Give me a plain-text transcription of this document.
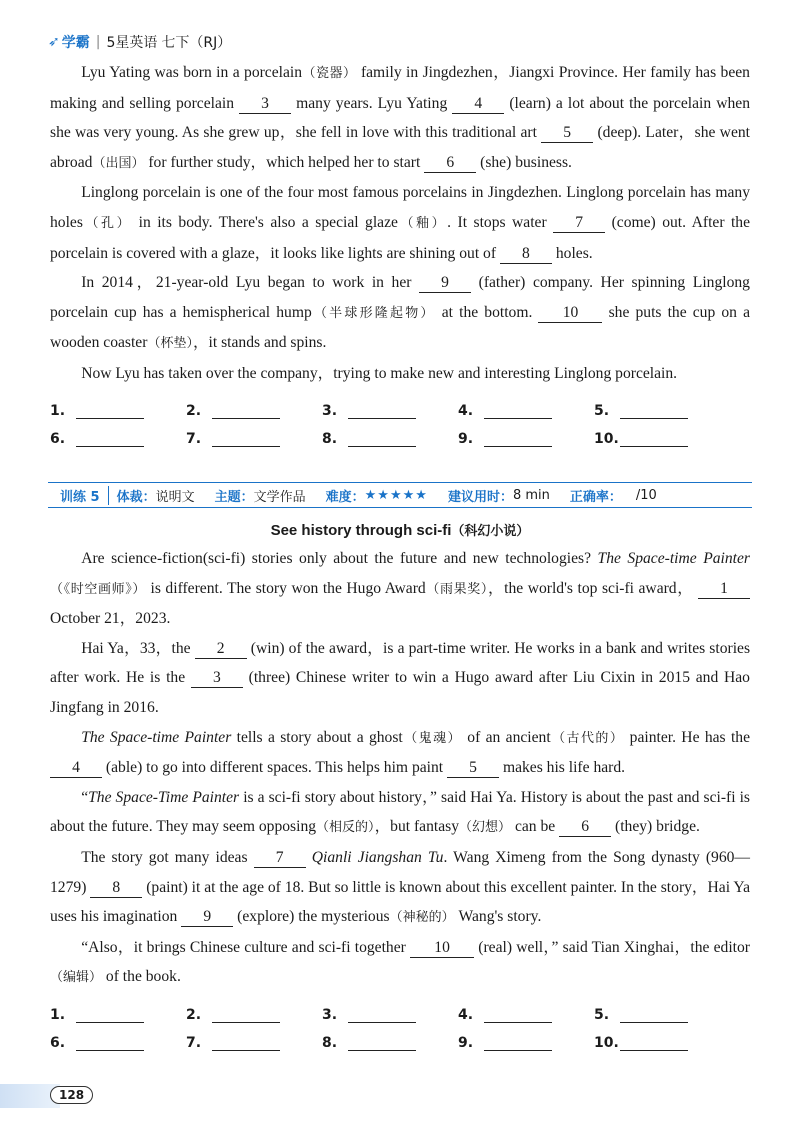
➶ 学霸 | 5星英语 七下（RJ）

Lyu Yating was born in a porcelain（瓷器） family in Jingdezhen，Jiangxi Province. Her family has been making and selling porcelain 3 many years. Lyu Yating 4 (learn) a lot about the porcelain when she was very young. As she grew up，she fell in love with this traditional art 5 (deep). Later，she went abroad（出国） for further study，which helped her to start 6 (she) business.

Linglong porcelain is one of the four most famous porcelains in Jingdezhen. Linglong porcelain has many holes（孔） in its body. There's also a special glaze（釉）. It stops water 7 (come) out. After the porcelain is covered with a glaze，it looks like lights are shining out of 8 holes.

In 2014，21-year-old Lyu began to work in her 9 (father) company. Her spinning Linglong porcelain cup has a hemispherical hump（半球形隆起物） at the bottom. 10 she puts the cup on a wooden coaster（杯垫），it stands and spins.

Now Lyu has taken over the company，trying to make new and interesting Linglong porcelain.

1.	2.	3.	4.	5.
6.	7.	8.	9.	10.
训练 5	体裁： 说明文 主题： 文学作品 难度： ★★★★★ 建议用时： 8 min 正确率： /10
See history through sci-fi（科幻小说）

Are science-fiction(sci-fi) stories only about the future and new technologies? The Space-time Painter（《时空画师》） is different. The story won the Hugo Award（雨果奖），the world's top sci-fi award， 1 October 21，2023.

Hai Ya，33，the 2 (win) of the award，is a part-time writer. He works in a bank and writes stories after work. He is the 3 (three) Chinese writer to win a Hugo award after Liu Cixin in 2015 and Hao Jingfang in 2016.

The Space-time Painter tells a story about a ghost（鬼魂） of an ancient（古代的） painter. He has the 4 (able) to go into different spaces. This helps him paint 5 makes his life hard.

“The Space-Time Painter is a sci-fi story about history，” said Hai Ya. History is about the past and sci-fi is about the future. They may seem opposing（相反的），but fantasy（幻想） can be 6 (they) bridge.

The story got many ideas 7 Qianli Jiangshan Tu. Wang Ximeng from the Song dynasty (960—1279) 8 (paint) it at the age of 18. But so little is known about this excellent painter. In the story，Hai Ya uses his imagination 9 (explore) the mysterious（神秘的） Wang's story.

“Also，it brings Chinese culture and sci-fi together 10 (real) well，” said Tian Xinghai，the editor（编辑） of the book.

1.	2.	3.	4.	5.
6.	7.	8.	9.	10.
128
